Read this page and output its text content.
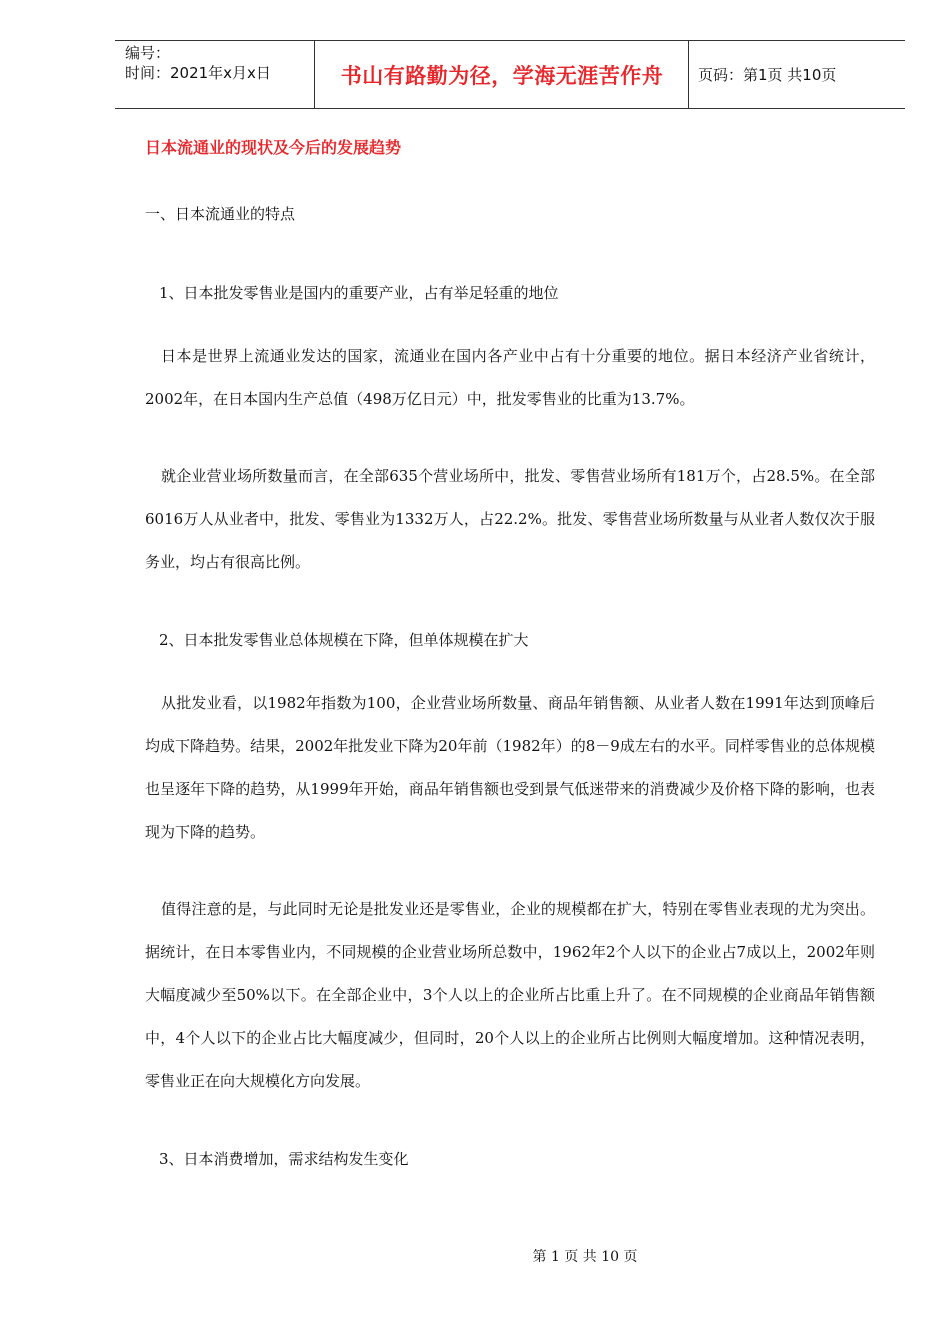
编号：
时间：2021年x月x日	书山有路勤为径，学海无涯苦作舟	页码：第1页 共10页
日本流通业的现状及今后的发展趋势
一、日本流通业的特点
1、日本批发零售业是国内的重要产业，占有举足轻重的地位
日本是世界上流通业发达的国家，流通业在国内各产业中占有十分重要的地位。据日本经济产业省统计，2002年，在日本国内生产总值（498万亿日元）中，批发零售业的比重为13.7%。
就企业营业场所数量而言，在全部635个营业场所中，批发、零售营业场所有181万个，占28.5%。在全部6016万人从业者中，批发、零售业为1332万人，占22.2%。批发、零售营业场所数量与从业者人数仅次于服务业，均占有很高比例。
2、日本批发零售业总体规模在下降，但单体规模在扩大
从批发业看，以1982年指数为100，企业营业场所数量、商品年销售额、从业者人数在1991年达到顶峰后均成下降趋势。结果，2002年批发业下降为20年前（1982年）的8－9成左右的水平。同样零售业的总体规模也呈逐年下降的趋势，从1999年开始，商品年销售额也受到景气低迷带来的消费减少及价格下降的影响，也表现为下降的趋势。
值得注意的是，与此同时无论是批发业还是零售业，企业的规模都在扩大，特别在零售业表现的尤为突出。据统计，在日本零售业内，不同规模的企业营业场所总数中，1962年2个人以下的企业占7成以上，2002年则大幅度减少至50%以下。在全部企业中，3个人以上的企业所占比重上升了。在不同规模的企业商品年销售额中，4个人以下的企业占比大幅度减少，但同时，20个人以上的企业所占比例则大幅度增加。这种情况表明，零售业正在向大规模化方向发展。
3、日本消费增加，需求结构发生变化
第 1 页 共 10 页
